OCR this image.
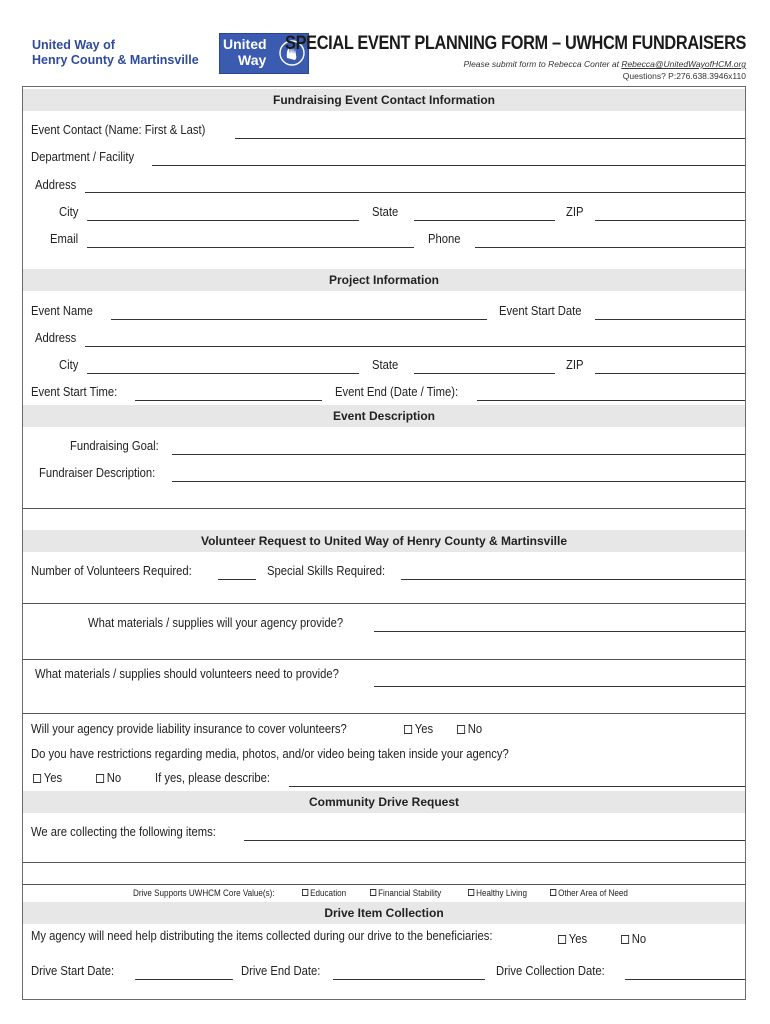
United Way of
Henry County & Martinsville
United
Way
SPECIAL EVENT PLANNING FORM – UWHCM FUNDRAISERS
Please submit form to Rebecca Conter at Rebecca@UnitedWayofHCM.org
Questions? P:276.638.3946x110
Fundraising Event Contact Information
Event Contact (Name: First & Last)
Department / Facility
Address
City	State	ZIP
Email	Phone
Project Information
Event Name	Event Start Date
Address
City	State	ZIP
Event Start Time:	Event End (Date / Time):
Event Description
Fundraising Goal:
Fundraiser Description:
Volunteer Request to United Way of Henry County & Martinsville
Number of Volunteers Required:	Special Skills Required:
What materials / supplies will your agency provide?
What materials / supplies should volunteers need to provide?
Will your agency provide liability insurance to cover volunteers?	Yes	No
Do you have restrictions regarding media, photos, and/or video being taken inside your agency?
Yes	No	If yes, please describe:
Community Drive Request
We are collecting the following items:
Drive Supports UWHCM Core Value(s):	Education	Financial Stability	Healthy Living	Other Area of Need
Drive Item Collection
My agency will need help distributing the items collected during our drive to the beneficiaries:	Yes	No
Drive Start Date:	Drive End Date:	Drive Collection Date:
